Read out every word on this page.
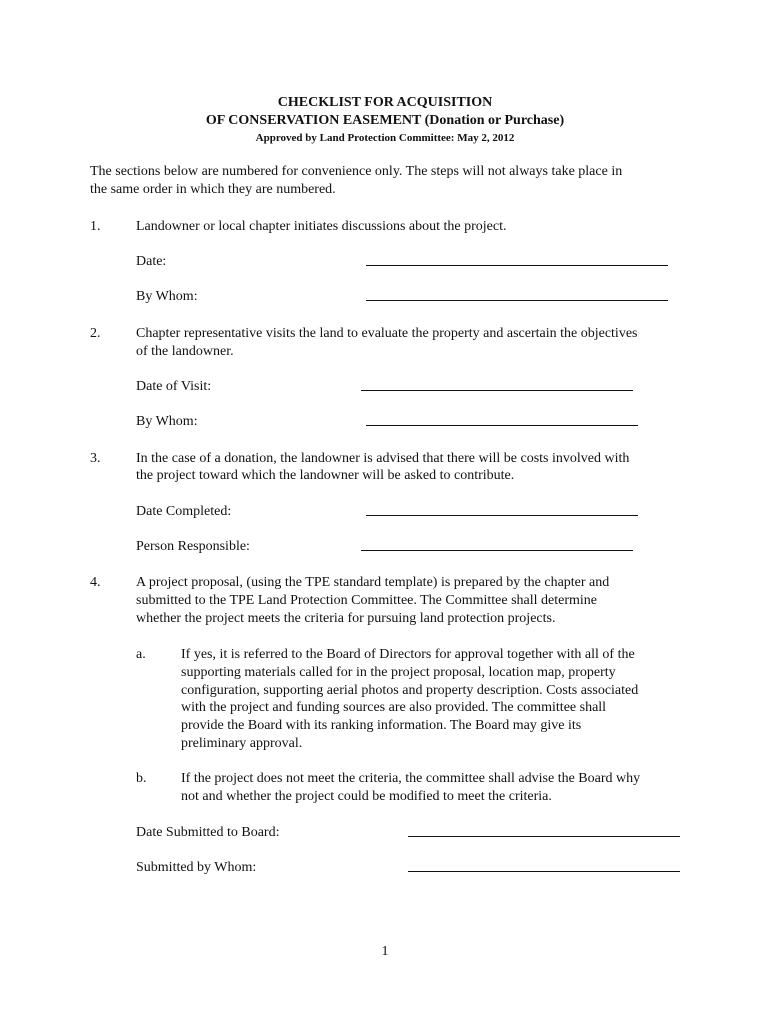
CHECKLIST FOR ACQUISITION
OF CONSERVATION EASEMENT (Donation or Purchase)
Approved by Land Protection Committee: May 2, 2012
The sections below are numbered for convenience only. The steps will not always take place in
the same order in which they are numbered.
1.	Landowner or local chapter initiates discussions about the project.
Date:
By Whom:
2.	Chapter representative visits the land to evaluate the property and ascertain the objectives
of the landowner.
Date of Visit:
By Whom:
3.	In the case of a donation, the landowner is advised that there will be costs involved with
the project toward which the landowner will be asked to contribute.
Date Completed:
Person Responsible:
4.	A project proposal, (using the TPE standard template) is prepared by the chapter and
submitted to the TPE Land Protection Committee. The Committee shall determine
whether the project meets the criteria for pursuing land protection projects.
a.	If yes, it is referred to the Board of Directors for approval together with all of the
supporting materials called for in the project proposal, location map, property
configuration, supporting aerial photos and property description. Costs associated
with the project and funding sources are also provided. The committee shall
provide the Board with its ranking information. The Board may give its
preliminary approval.
b. If the project does not meet the criteria, the committee shall advise the Board why
not and whether the project could be modified to meet the criteria.
Date Submitted to Board:
Submitted by Whom:
1
